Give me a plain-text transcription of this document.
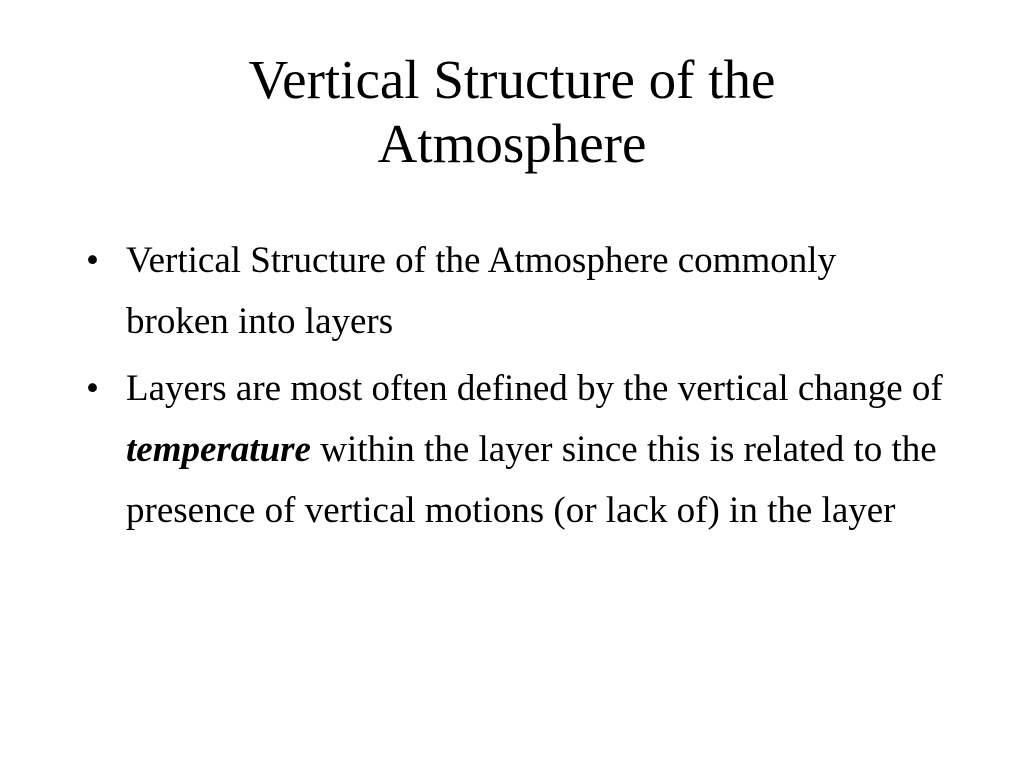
Vertical Structure of the
Atmosphere
•
Vertical Structure of the Atmosphere commonly broken into layers
•
Layers are most often defined by the vertical change of temperature within the layer since this is related to the presence of vertical motions (or lack of) in the layer
